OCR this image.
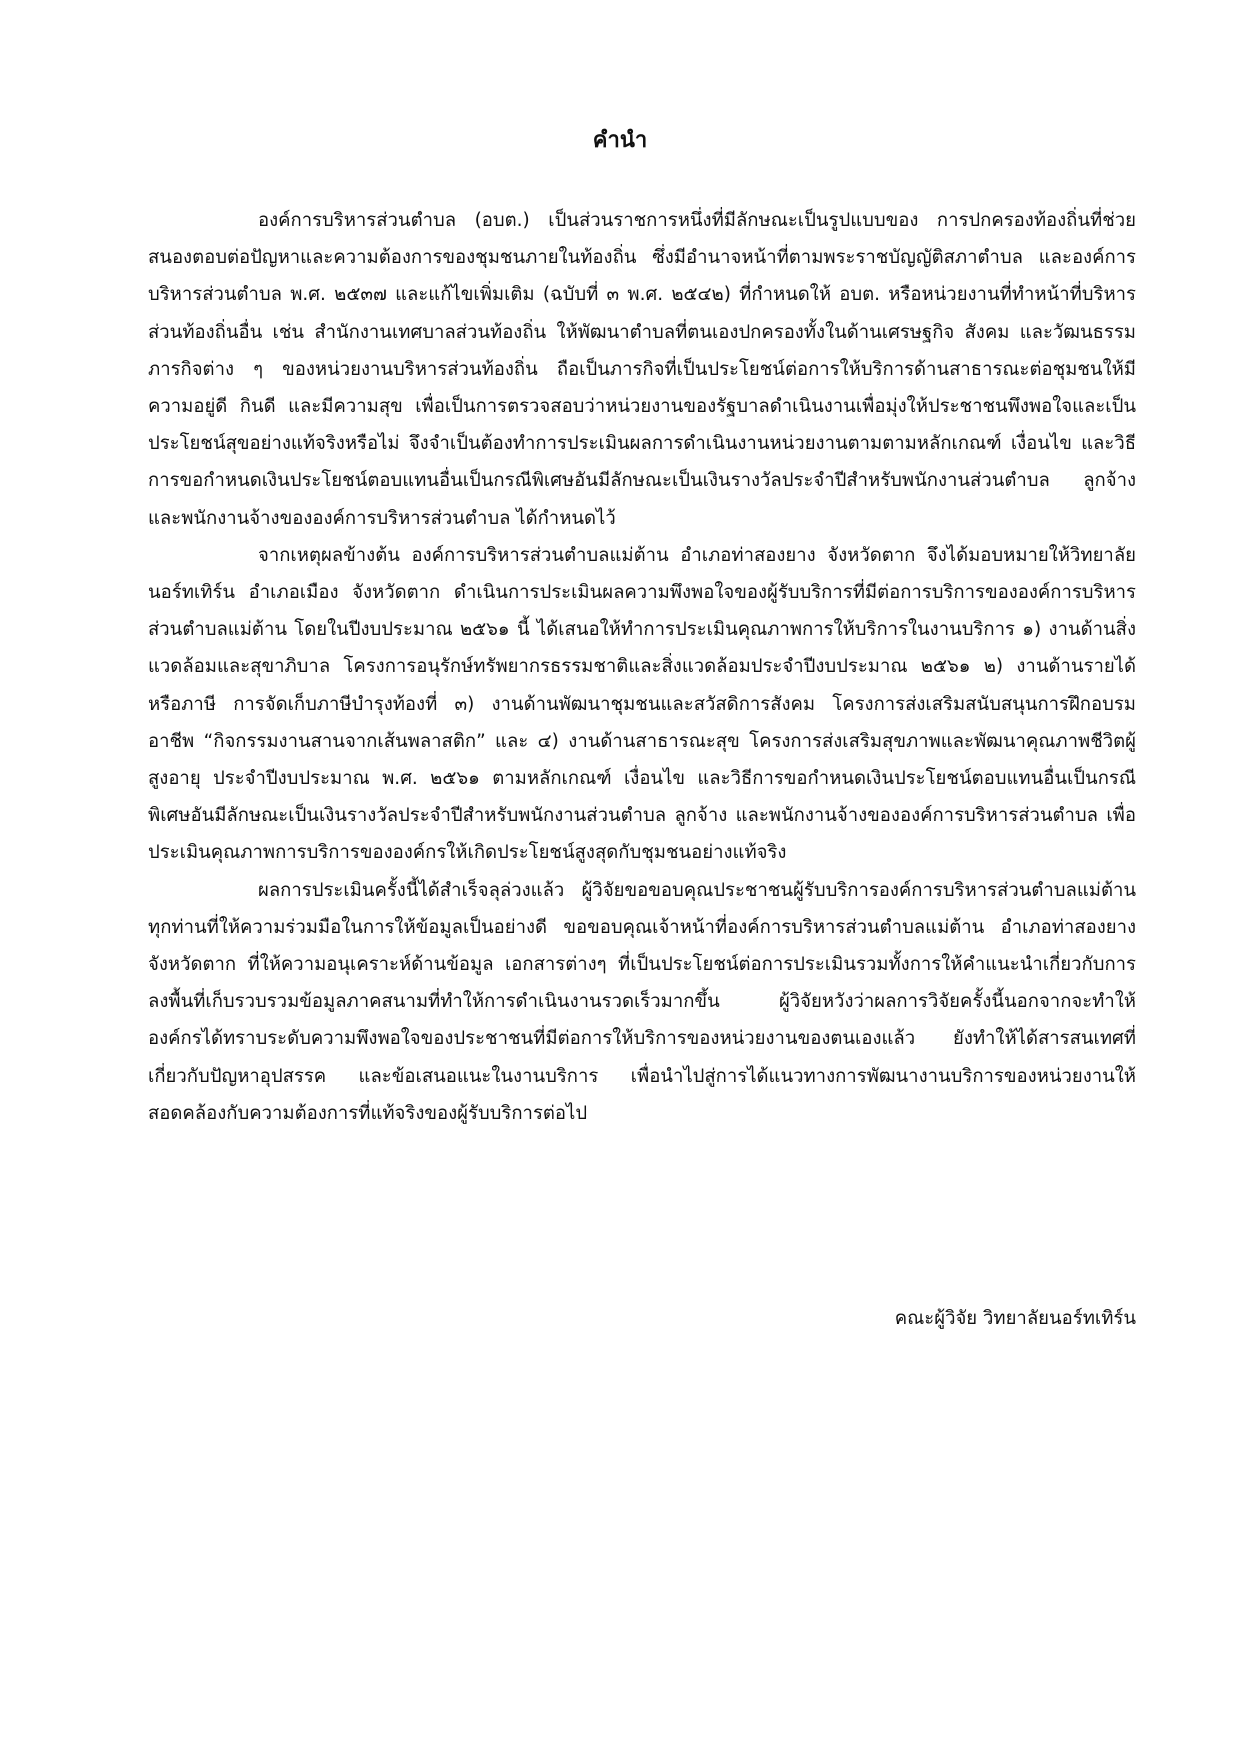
คำนำ

องค์การบริหารส่วนตำบล (อบต.) เป็นส่วนราชการหนึ่งที่มีลักษณะเป็นรูปแบบของ การปกครองท้องถิ่นที่ช่วยสนองตอบต่อปัญหาและความต้องการของชุมชนภายในท้องถิ่น ซึ่งมีอำนาจหน้าที่ตามพระราชบัญญัติสภาตำบล และองค์การบริหารส่วนตำบล พ.ศ. ๒๕๓๗ และแก้ไขเพิ่มเติม (ฉบับที่ ๓ พ.ศ. ๒๕๔๒) ที่กำหนดให้ อบต. หรือหน่วยงานที่ทำหน้าที่บริหารส่วนท้องถิ่นอื่น เช่น สำนักงานเทศบาลส่วนท้องถิ่น ให้พัฒนาตำบลที่ตนเองปกครองทั้งในด้านเศรษฐกิจ สังคม และวัฒนธรรม ภารกิจต่าง ๆ ของหน่วยงานบริหารส่วนท้องถิ่น ถือเป็นภารกิจที่เป็นประโยชน์ต่อการให้บริการด้านสาธารณะต่อชุมชนให้มีความอยู่ดี กินดี และมีความสุข เพื่อเป็นการตรวจสอบว่าหน่วยงานของรัฐบาลดำเนินงานเพื่อมุ่งให้ประชาชนพึงพอใจและเป็นประโยชน์สุขอย่างแท้จริงหรือไม่ จึงจำเป็นต้องทำการประเมินผลการดำเนินงานหน่วยงานตามตามหลักเกณฑ์ เงื่อนไข และวิธีการขอกำหนดเงินประโยชน์ตอบแทนอื่นเป็นกรณีพิเศษอันมีลักษณะเป็นเงินรางวัลประจำปีสำหรับพนักงานส่วนตำบล ลูกจ้าง และพนักงานจ้างขององค์การบริหารส่วนตำบล ได้กำหนดไว้

จากเหตุผลข้างต้น องค์การบริหารส่วนตำบลแม่ต้าน อำเภอท่าสองยาง จังหวัดตาก จึงได้มอบหมายให้วิทยาลัยนอร์ทเทิร์น อำเภอเมือง จังหวัดตาก ดำเนินการประเมินผลความพึงพอใจของผู้รับบริการที่มีต่อการบริการขององค์การบริหารส่วนตำบลแม่ต้าน โดยในปีงบประมาณ ๒๕๖๑ นี้ ได้เสนอให้ทำการประเมินคุณภาพการให้บริการในงานบริการ ๑) งานด้านสิ่งแวดล้อมและสุขาภิบาล โครงการอนุรักษ์ทรัพยากรธรรมชาติและสิ่งแวดล้อมประจำปีงบประมาณ ๒๕๖๑ ๒) งานด้านรายได้หรือภาษี การจัดเก็บภาษีบำรุงท้องที่ ๓) งานด้านพัฒนาชุมชนและสวัสดิการสังคม โครงการส่งเสริมสนับสนุนการฝึกอบรมอาชีพ “กิจกรรมงานสานจากเส้นพลาสติก” และ ๔) งานด้านสาธารณะสุข โครงการส่งเสริมสุขภาพและพัฒนาคุณภาพชีวิตผู้สูงอายุ ประจำปีงบประมาณ พ.ศ. ๒๕๖๑ ตามหลักเกณฑ์ เงื่อนไข และวิธีการขอกำหนดเงินประโยชน์ตอบแทนอื่นเป็นกรณีพิเศษอันมีลักษณะเป็นเงินรางวัลประจำปีสำหรับพนักงานส่วนตำบล ลูกจ้าง และพนักงานจ้างขององค์การบริหารส่วนตำบล เพื่อประเมินคุณภาพการบริการขององค์กรให้เกิดประโยชน์สูงสุดกับชุมชนอย่างแท้จริง

ผลการประเมินครั้งนี้ได้สำเร็จลุล่วงแล้ว ผู้วิจัยขอขอบคุณประชาชนผู้รับบริการองค์การบริหารส่วนตำบลแม่ต้าน ทุกท่านที่ให้ความร่วมมือในการให้ข้อมูลเป็นอย่างดี ขอขอบคุณเจ้าหน้าที่องค์การบริหารส่วนตำบลแม่ต้าน อำเภอท่าสองยาง จังหวัดตาก ที่ให้ความอนุเคราะห์ด้านข้อมูล เอกสารต่างๆ ที่เป็นประโยชน์ต่อการประเมินรวมทั้งการให้คำแนะนำเกี่ยวกับการลงพื้นที่เก็บรวบรวมข้อมูลภาคสนามที่ทำให้การดำเนินงานรวดเร็วมากขึ้น ผู้วิจัยหวังว่าผลการวิจัยครั้งนี้นอกจากจะทำให้องค์กรได้ทราบระดับความพึงพอใจของประชาชนที่มีต่อการให้บริการของหน่วยงานของตนเองแล้ว ยังทำให้ได้สารสนเทศที่เกี่ยวกับปัญหาอุปสรรค และข้อเสนอแนะในงานบริการ เพื่อนำไปสู่การได้แนวทางการพัฒนางานบริการของหน่วยงานให้สอดคล้องกับความต้องการที่แท้จริงของผู้รับบริการต่อไป

คณะผู้วิจัย วิทยาลัยนอร์ทเทิร์น
